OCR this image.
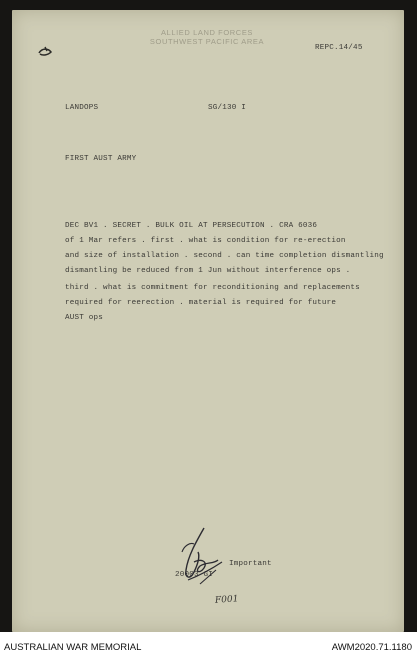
ALLIED LAND FORCES
SOUTHWEST PACIFIC AREA
REPC.14/45
LANDOPS	SG/130 I
FIRST AUST ARMY
DEC BV1 . SECRET . BULK OIL AT PERSECUTION . CRA 6036
of 1 Mar refers . first . what is condition for re-erection
and size of installation . second . can time completion dismantling
dismantling be reduced from 1 Jun without interference ops .
third . what is commitment for reconditioning and replacements
required for reerection . material is required for future
AUST ops
20003 GI
Important
F001
AUSTRALIAN WAR MEMORIAL	AWM2020.71.1180
